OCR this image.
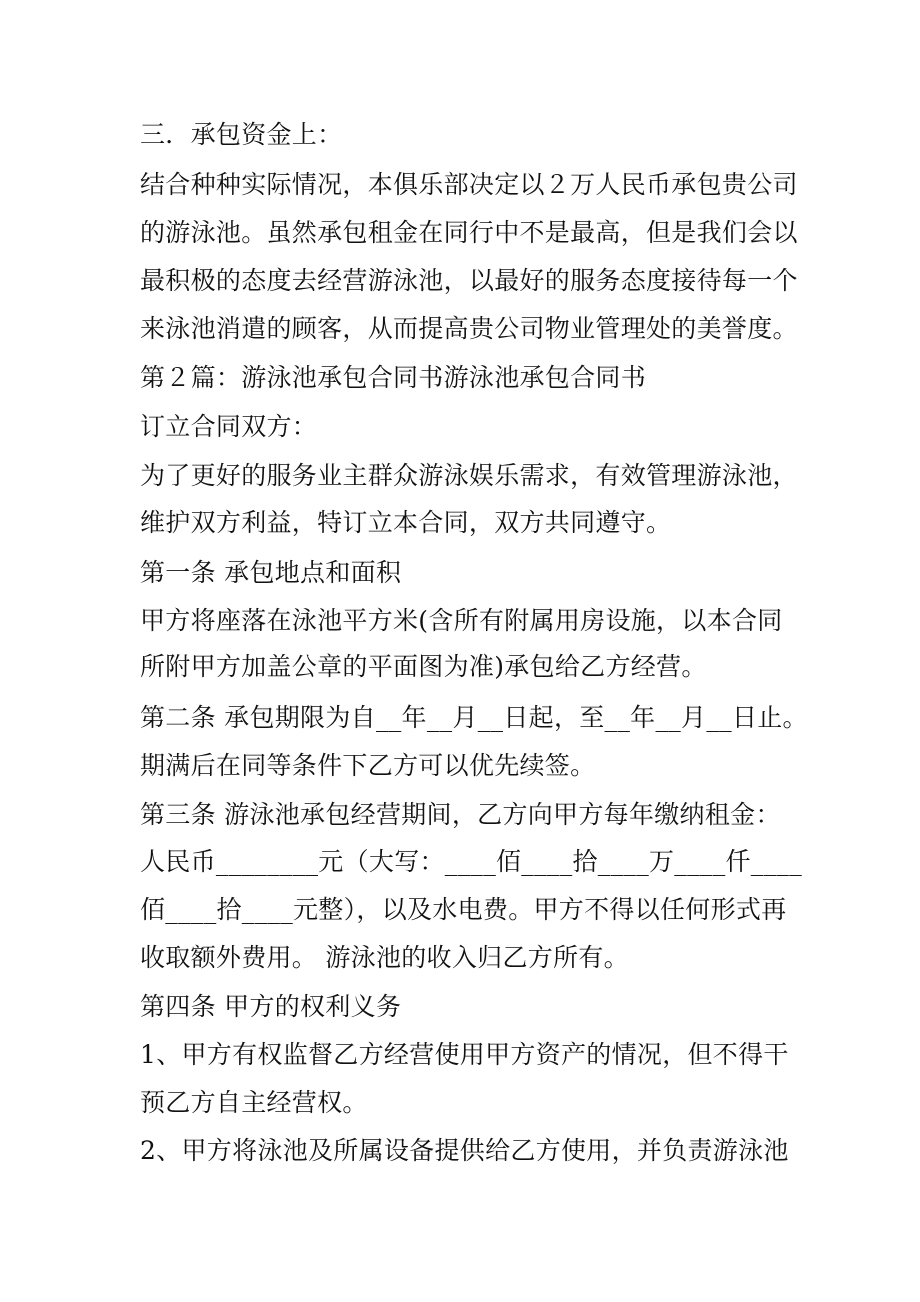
三．承包资金上：

结合种种实际情况，本俱乐部决定以２万人民币承包贵公司

的游泳池。虽然承包租金在同行中不是最高，但是我们会以

最积极的态度去经营游泳池，以最好的服务态度接待每一个

来泳池消遣的顾客，从而提高贵公司物业管理处的美誉度。

第２篇：游泳池承包合同书游泳池承包合同书

订立合同双方：

为了更好的服务业主群众游泳娱乐需求，有效管理游泳池，

维护双方利益，特订立本合同，双方共同遵守。

第一条 承包地点和面积

甲方将座落在泳池平方米(含所有附属用房设施，以本合同

所附甲方加盖公章的平面图为准)承包给乙方经营。

第二条 承包期限为自__年__月__日起，至__年__月__日止。

期满后在同等条件下乙方可以优先续签。

第三条 游泳池承包经营期间，乙方向甲方每年缴纳租金：

人民币________元（大写：____佰____拾____万____仟____

佰____拾____元整），以及水电费。甲方不得以任何形式再

收取额外费用。 游泳池的收入归乙方所有。

第四条 甲方的权利义务

1、甲方有权监督乙方经营使用甲方资产的情况，但不得干

预乙方自主经营权。

2、甲方将泳池及所属设备提供给乙方使用，并负责游泳池
